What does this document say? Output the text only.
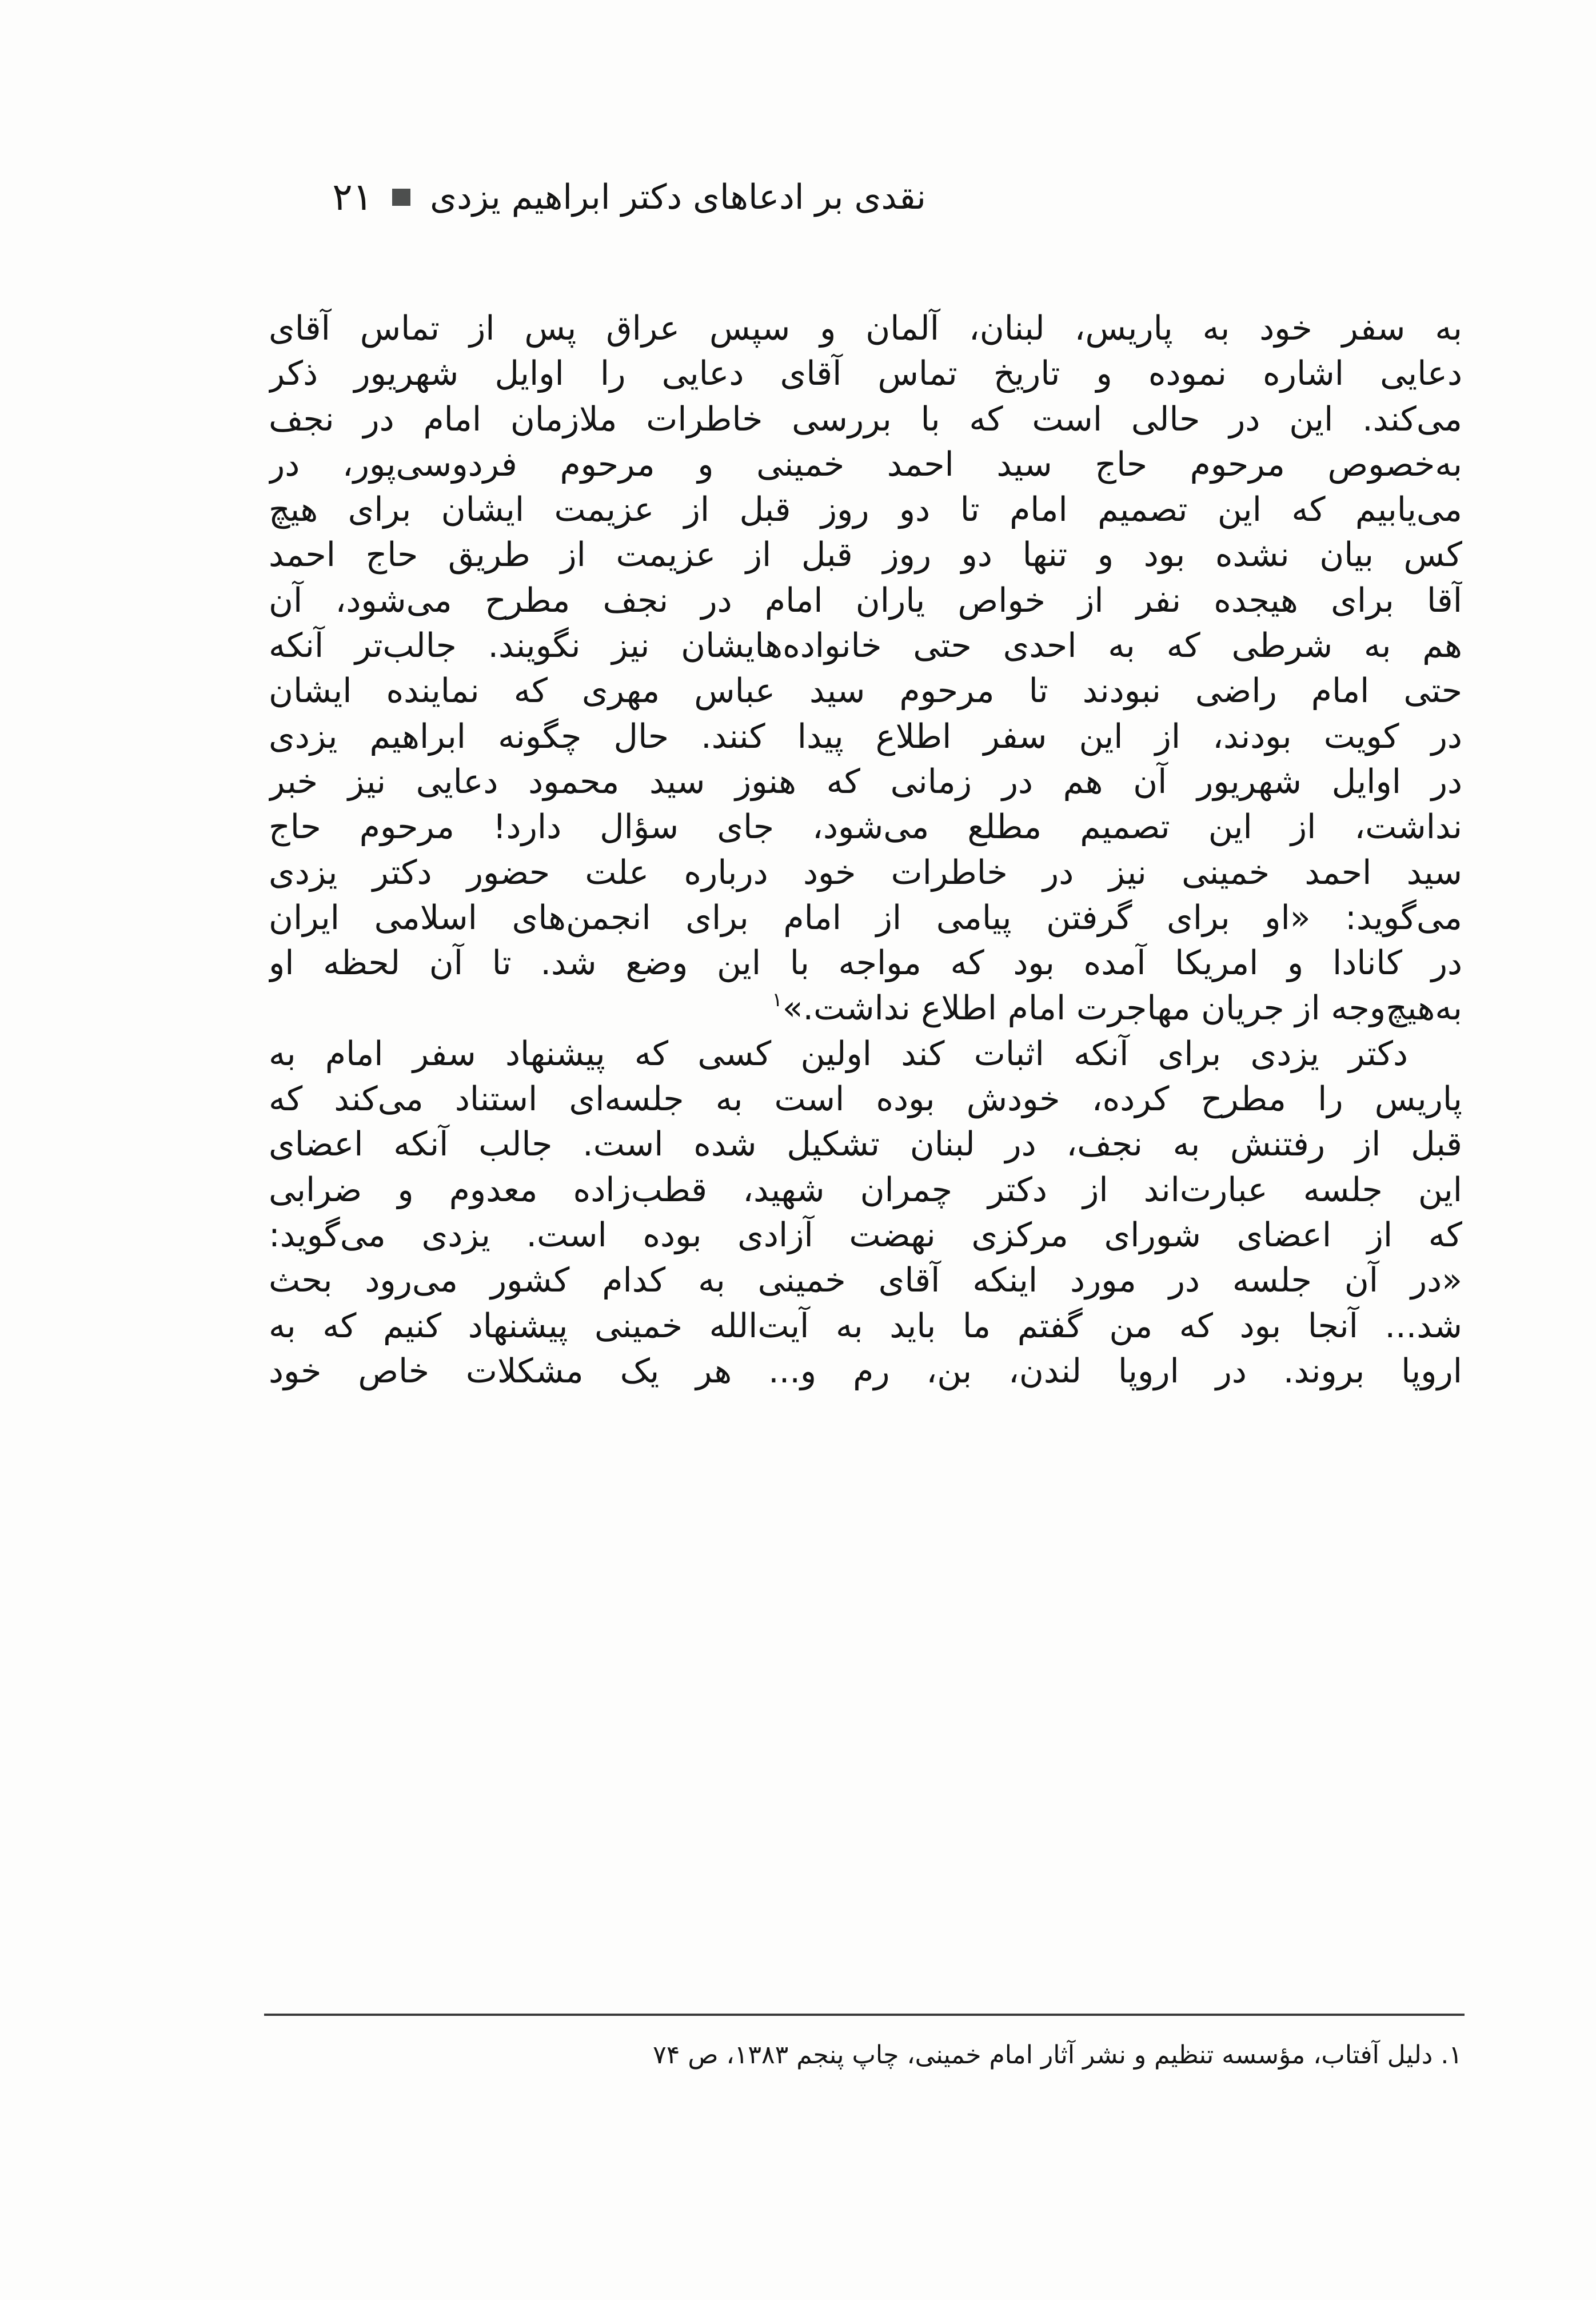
نقدی بر ادعاهای دکتر ابراهیم یزدی
۲۱
به سفر خود به پاریس، لبنان، آلمان و سپس عراق پس از تماس آقای
دعایی اشاره نموده و تاریخ تماس آقای دعایی را اوایل شهریور ذکر
می‌کند. این در حالی است که با بررسی خاطرات ملازمان امام در نجف
به‌خصوص مرحوم حاج سید احمد خمینی و مرحوم فردوسی‌پور، در
می‌یابیم که این تصمیم امام تا دو روز قبل از عزیمت ایشان برای هیچ
کس بیان نشده بود و تنها دو روز قبل از عزیمت از طریق حاج احمد
آقا برای هیجده نفر از خواص یاران امام در نجف مطرح می‌شود، آن
هم به شرطی که به احدی حتی خانواده‌هایشان نیز نگویند. جالب‌تر آنکه
حتی امام راضی نبودند تا مرحوم سید عباس مهری که نماینده ایشان
در کویت بودند، از این سفر اطلاع پیدا کنند. حال چگونه ابراهیم یزدی
در اوایل شهریور آن هم در زمانی که هنوز سید محمود دعایی نیز خبر
نداشت، از این تصمیم مطلع می‌شود، جای سؤال دارد! مرحوم حاج
سید احمد خمینی نیز در خاطرات خود درباره علت حضور دکتر یزدی
می‌گوید: «او برای گرفتن پیامی از امام برای انجمن‌های اسلامی ایران
در کانادا و امریکا آمده بود که مواجه با این وضع شد. تا آن لحظه او
به‌هیچ‌وجه از جریان مهاجرت امام اطلاع نداشت.»$^۱$
دکتر یزدی برای آنکه اثبات کند اولین کسی که پیشنهاد سفر امام به
پاریس را مطرح کرده، خودش بوده است به جلسه‌ای استناد می‌کند که
قبل از رفتنش به نجف، در لبنان تشکیل شده است. جالب آنکه اعضای
این جلسه عبارت‌اند از دکتر چمران شهید، قطب‌زاده معدوم و ضرابی
که از اعضای شورای مرکزی نهضت آزادی بوده است. یزدی می‌گوید:
«در آن جلسه در مورد اینکه آقای خمینی به کدام کشور می‌رود بحث
شد... آنجا بود که من گفتم ما باید به آیت‌الله خمینی پیشنهاد کنیم که به
اروپا بروند. در اروپا لندن، بن، رم و... هر یک مشکلات خاص خود
۱. دلیل آفتاب، مؤسسه تنظیم و نشر آثار امام خمینی، چاپ پنجم ۱۳۸۳، ص ۷۴
